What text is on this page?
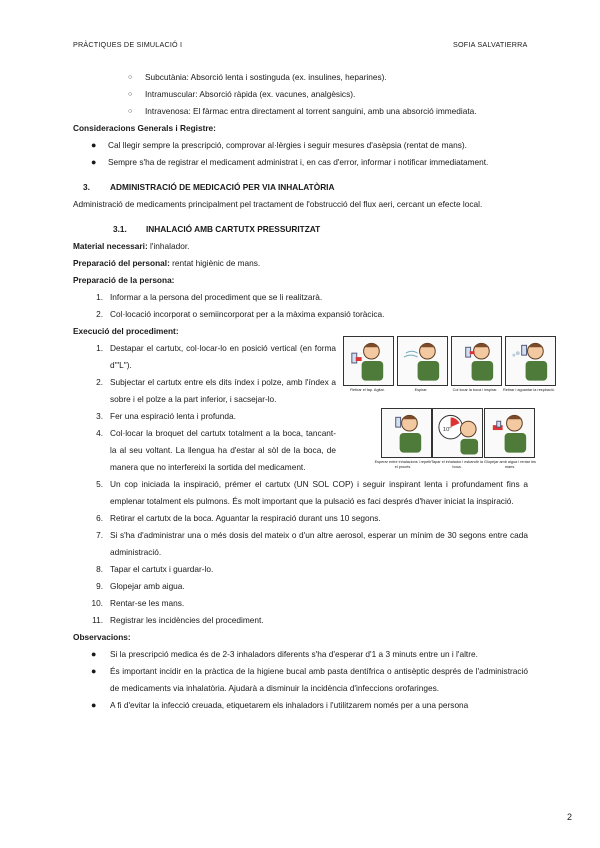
PRÀCTIQUES DE SIMULACIÓ I	SOFIA SALVATIERRA
○ Subcutània: Absorció lenta i sostinguda (ex. insulines, heparines).
○ Intramuscular: Absorció ràpida (ex. vacunes, analgèsics).
○ Intravenosa: El fàrmac entra directament al torrent sanguini, amb una absorció immediata.
Consideracions Generals i Registre:
● Cal llegir sempre la prescripció, comprovar al·lèrgies i seguir mesures d'asèpsia (rentat de mans).
● Sempre s'ha de registrar el medicament administrat i, en cas d'error, informar i notificar immediatament.
3. ADMINISTRACIÓ DE MEDICACIÓ PER VIA INHALATÒRIA
Administració de medicaments principalment pel tractament de l'obstrucció del flux aeri, cercant un efecte local.
3.1. INHALACIÓ AMB CARTUTX PRESSURITZAT
Material necessari: l'inhalador.
Preparació del personal: rentat higiènic de mans.
Preparació de la persona:
1. Informar a la persona del procediment que se li realitzarà.
2. Col·locació incorporat o semiincorporat per a la màxima expansió toràcica.
Execució del procediment:
1. Destapar el cartutx, col·locar-lo en posició vertical (en forma d'"L").
2. Subjectar el cartutx entre els dits índex i polze, amb l'índex a sobre i el polze a la part inferior, i sacsejar-lo.
3. Fer una espiració lenta i profunda.
4. Col·locar la broquet del cartutx totalment a la boca, tancant-la al seu voltant. La llengua ha d'estar al sòl de la boca, de manera que no interfereixi la sortida del medicament.
5. Un cop iniciada la inspiració, prémer el cartutx (UN SOL COP) i seguir inspirant lenta i profundament fins a emplenar totalment els pulmons. És molt important que la pulsació es faci després d'haver iniciat la inspiració.
6. Retirar el cartutx de la boca. Aguantar la respiració durant uns 10 segons.
7. Si s'ha d'administrar una o més dosis del mateix o d'un altre aerosol, esperar un mínim de 30 segons entre cada administració.
8. Tapar el cartutx i guardar-lo.
9. Glopejar amb aigua.
10. Rentar-se les mans.
11. Registrar les incidències del procediment.
Observacions:
● Si la prescripció medica és de 2-3 inhaladors diferents s'ha d'esperar d'1 a 3 minuts entre un i l'altre.
● És important incidir en la pràctica de la higiene bucal amb pasta dentífrica o antisèptic després de l'administració de medicaments via inhalatòria. Ajudarà a disminuir la incidència d'infeccions orofaringes.
● A fi d'evitar la infecció creuada, etiquetarem els inhaladors i l'utilitzarem només per a una persona
Retirar el tap. Agitar.	Espirar.	Col·locar la boca i inspirar.	Retirar i aguantar la respiració.
10"
Esperar entre inhalacions i repetir el procés.
Tapar el inhalador i esbandir la boca.
Glopejar amb aigua i rentar les mans.
2
